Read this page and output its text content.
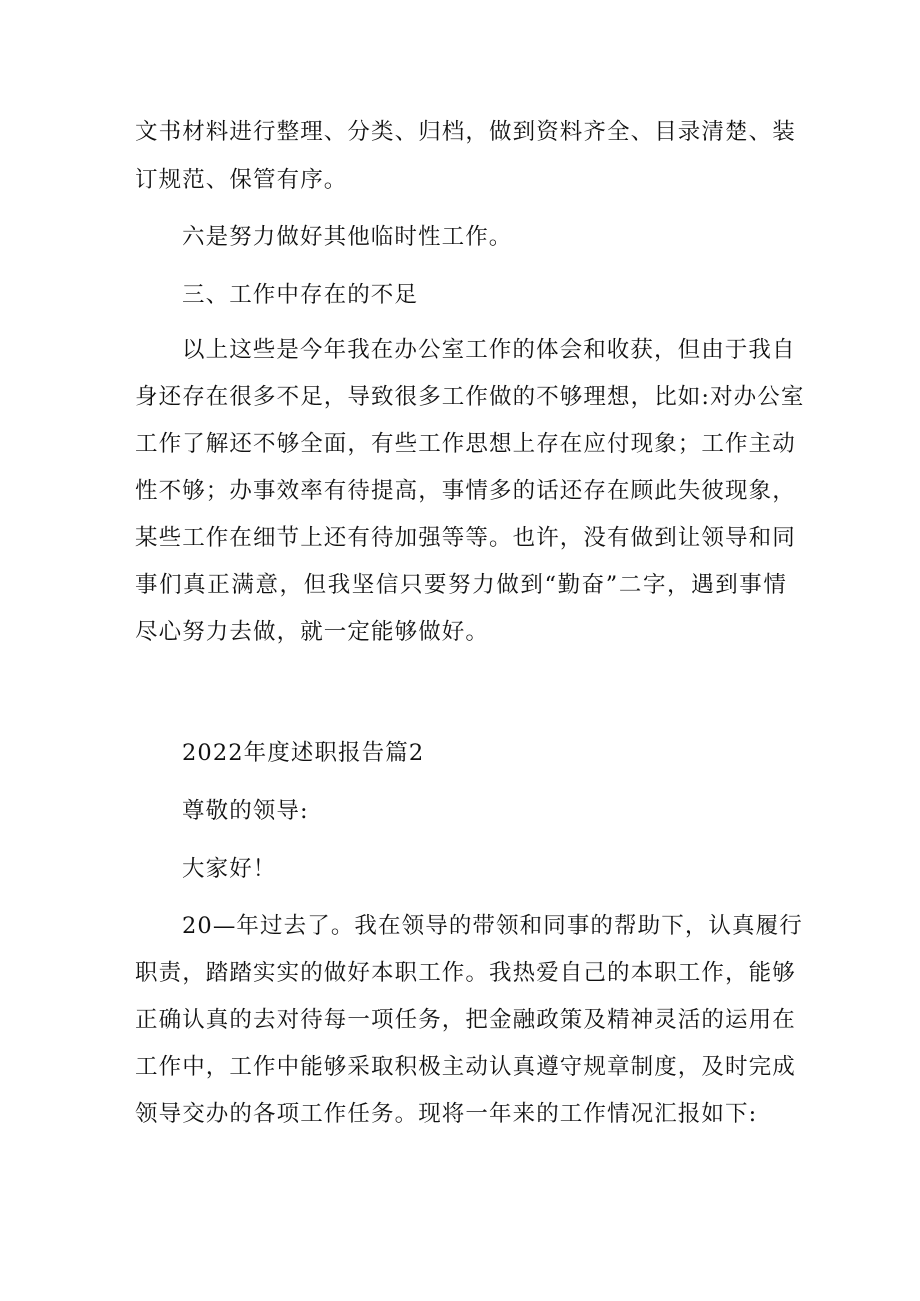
文书材料进行整理、分类、归档，做到资料齐全、目录清楚、装
订规范、保管有序。
六是努力做好其他临时性工作。
三、工作中存在的不足
以上这些是今年我在办公室工作的体会和收获，但由于我自
身还存在很多不足，导致很多工作做的不够理想，比如:对办公室
工作了解还不够全面，有些工作思想上存在应付现象；工作主动
性不够；办事效率有待提高，事情多的话还存在顾此失彼现象，
某些工作在细节上还有待加强等等。也许，没有做到让领导和同
事们真正满意，但我坚信只要努力做到“勤奋”二字，遇到事情
尽心努力去做，就一定能够做好。
2022年度述职报告篇2
尊敬的领导:
大家好！
20—年过去了。我在领导的带领和同事的帮助下，认真履行
职责，踏踏实实的做好本职工作。我热爱自己的本职工作，能够
正确认真的去对待每一项任务，把金融政策及精神灵活的运用在
工作中，工作中能够采取积极主动认真遵守规章制度，及时完成
领导交办的各项工作任务。现将一年来的工作情况汇报如下:
